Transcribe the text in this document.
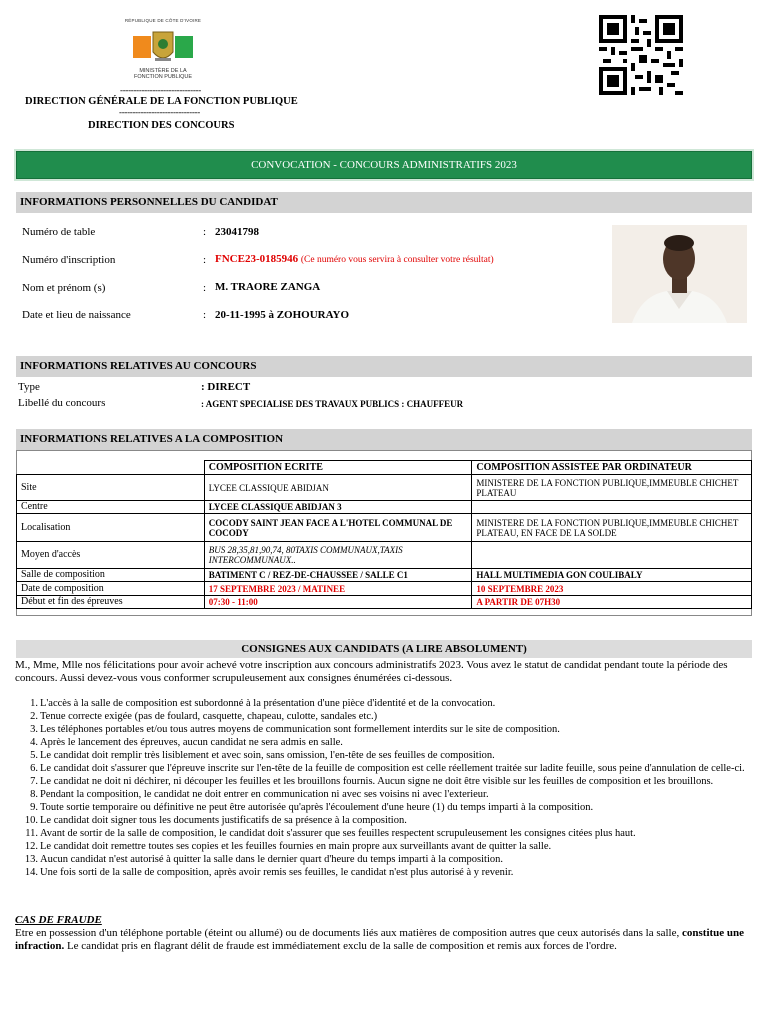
RÉPUBLIQUE DE CÔTE D'IVOIRE
MINISTÈRE DE LA
FONCTION PUBLIQUE
------------------------------
DIRECTION GÉNÉRALE DE LA FONCTION PUBLIQUE
------------------------------
DIRECTION DES CONCOURS
CONVOCATION - CONCOURS ADMINISTRATIFS 2023
INFORMATIONS PERSONNELLES DU CANDIDAT
Numéro de table	: 23041798
Numéro d'inscription	: FNCE23-0185946 (Ce numéro vous servira à consulter votre résultat)
Nom et prénom (s)	: M. TRAORE ZANGA
Date et lieu de naissance	: 20-11-1995 à ZOHOURAYO
INFORMATIONS RELATIVES AU CONCOURS
Type	: DIRECT
Libellé du concours	: AGENT SPECIALISE DES TRAVAUX PUBLICS : CHAUFFEUR
INFORMATIONS RELATIVES A LA COMPOSITION
	COMPOSITION ECRITE	COMPOSITION ASSISTEE PAR ORDINATEUR
Site	LYCEE CLASSIQUE ABIDJAN	MINISTERE DE LA FONCTION PUBLIQUE,IMMEUBLE CHICHET PLATEAU
Centre	LYCEE CLASSIQUE ABIDJAN 3	
Localisation	COCODY SAINT JEAN FACE A L'HOTEL COMMUNAL DE COCODY	MINISTERE DE LA FONCTION PUBLIQUE,IMMEUBLE CHICHET PLATEAU, EN FACE DE LA SOLDE
Moyen d'accès	BUS 28,35,81,90,74, 80TAXIS COMMUNAUX,TAXIS INTERCOMMUNAUX..	
Salle de composition	BATIMENT C / REZ-DE-CHAUSSEE / SALLE C1	HALL MULTIMEDIA GON COULIBALY
Date de composition	17 SEPTEMBRE 2023 / MATINEE	10 SEPTEMBRE 2023
Début et fin des épreuves	07:30 - 11:00	A PARTIR DE 07H30
CONSIGNES AUX CANDIDATS (A LIRE ABSOLUMENT)
M., Mme, Mlle nos félicitations pour avoir achevé votre inscription aux concours administratifs 2023. Vous avez le statut de candidat pendant toute la période des concours. Aussi devez-vous vous conformer scrupuleusement aux consignes énumérées ci-dessous.
1. L'accès à la salle de composition est subordonné à la présentation d'une pièce d'identité et de la convocation.
2. Tenue correcte exigée (pas de foulard, casquette, chapeau, culotte, sandales etc.)
3. Les téléphones portables et/ou tous autres moyens de communication sont formellement interdits sur le site de composition.
4. Après le lancement des épreuves, aucun candidat ne sera admis en salle.
5. Le candidat doit remplir très lisiblement et avec soin, sans omission, l'en-tête de ses feuilles de composition.
6. Le candidat doit s'assurer que l'épreuve inscrite sur l'en-tête de la feuille de composition est celle réellement traitée sur ladite feuille, sous peine d'annulation de celle-ci.
7. Le candidat ne doit ni déchirer, ni découper les feuilles et les brouillons fournis. Aucun signe ne doit être visible sur les feuilles de composition et les brouillons.
8. Pendant la composition, le candidat ne doit entrer en communication ni avec ses voisins ni avec l'exterieur.
9. Toute sortie temporaire ou définitive ne peut être autorisée qu'après l'écoulement d'une heure (1) du temps imparti à la composition.
10. Le candidat doit signer tous les documents justificatifs de sa présence à la composition.
11. Avant de sortir de la salle de composition, le candidat doit s'assurer que ses feuilles respectent scrupuleusement les consignes citées plus haut.
12. Le candidat doit remettre toutes ses copies et les feuilles fournies en main propre aux surveillants avant de quitter la salle.
13. Aucun candidat n'est autorisé à quitter la salle dans le dernier quart d'heure du temps imparti à la composition.
14. Une fois sorti de la salle de composition, après avoir remis ses feuilles, le candidat n'est plus autorisé à y revenir.
CAS DE FRAUDE
Etre en possession d'un téléphone portable (éteint ou allumé) ou de documents liés aux matières de composition autres que ceux autorisés dans la salle, constitue une infraction. Le candidat pris en flagrant délit de fraude est immédiatement exclu de la salle de composition et remis aux forces de l'ordre.
